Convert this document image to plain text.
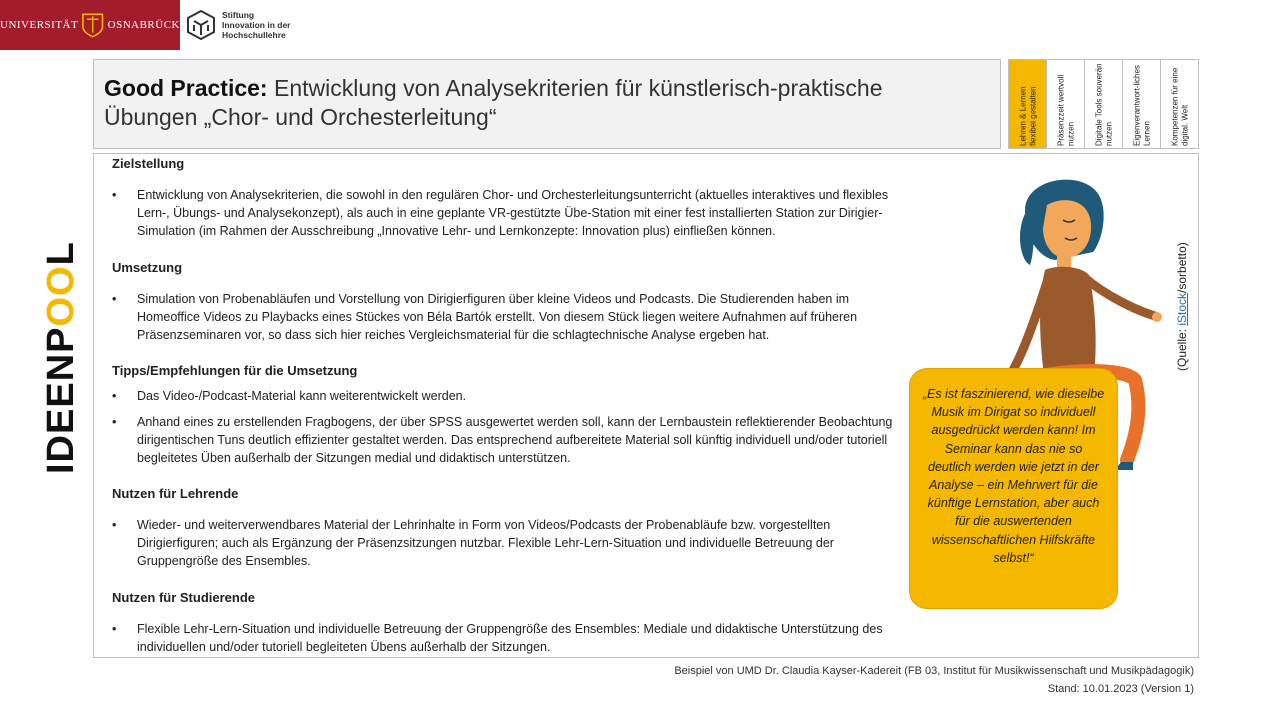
UNIVERSITÄT	OSNABRÜCK
Stiftung
Innovation in der
Hochschullehre
Good Practice: Entwicklung von Analysekriterien für künstlerisch-praktische
Übungen „Chor- und Orchesterleitung“	Lehren & Lernen flexibel gestalten Präsenzzeit wertvoll nutzen Digitale Tools souverän nutzen Eigenverantwort-liches Lernen Kompetenzen für eine digital. Welt
Zielstellung
• Entwicklung von Analysekriterien, die sowohl in den regulären Chor- und Orchesterleitungsunterricht (aktuelles interaktives und flexibles Lern-, Übungs- und Analysekonzept), als auch in eine geplante VR-gestützte Übe-Station mit einer fest installierten Station zur Dirigier-Simulation (im Rahmen der Ausschreibung „Innovative Lehr- und Lernkonzepte: Innovation plus) einfließen können.
Umsetzung
• Simulation von Probenabläufen und Vorstellung von Dirigierfiguren über kleine Videos und Podcasts. Die Studierenden haben im Homeoffice Videos zu Playbacks eines Stückes von Béla Bartók erstellt. Von diesem Stück liegen weitere Aufnahmen auf früheren Präsenzseminaren vor, so dass sich hier reiches Vergleichsmaterial für die schlagtechnische Analyse ergeben hat.
Tipps/Empfehlungen für die Umsetzung
• Das Video-/Podcast-Material kann weiterentwickelt werden.
• Anhand eines zu erstellenden Fragbogens, der über SPSS ausgewertet werden soll, kann der Lernbaustein reflektierender Beobachtung dirigentischen Tuns deutlich effizienter gestaltet werden. Das entsprechend aufbereitete Material soll künftig individuell und/oder tutoriell begleitetes Üben außerhalb der Sitzungen medial und didaktisch unterstützen.
Nutzen für Lehrende
• Wieder- und weiterverwendbares Material der Lehrinhalte in Form von Videos/Podcasts der Probenabläufe bzw. vorgestellten Dirigierfiguren; auch als Ergänzung der Präsenzsitzungen nutzbar. Flexible Lehr-Lern-Situation und individuelle Betreuung der Gruppengröße des Ensembles.
Nutzen für Studierende
• Flexible Lehr-Lern-Situation und individuelle Betreuung der Gruppengröße des Ensembles: Mediale und didaktische Unterstützung des individuellen und/oder tutoriell begleiteten Übens außerhalb der Sitzungen.
IDEENPOOL
„Es ist faszinierend, wie dieselbe Musik im Dirigat so individuell ausgedrückt werden kann! Im Seminar kann das nie so deutlich werden wie jetzt in der Analyse – ein Mehrwert für die künftige Lernstation, aber auch für die auswertenden wissenschaftlichen Hilfskräfte selbst!“
(Quelle: iStock/sorbetto)
Beispiel von UMD Dr. Claudia Kayser-Kadereit (FB 03, Institut für Musikwissenschaft und Musikpädagogik)
Stand: 10.01.2023 (Version 1)
